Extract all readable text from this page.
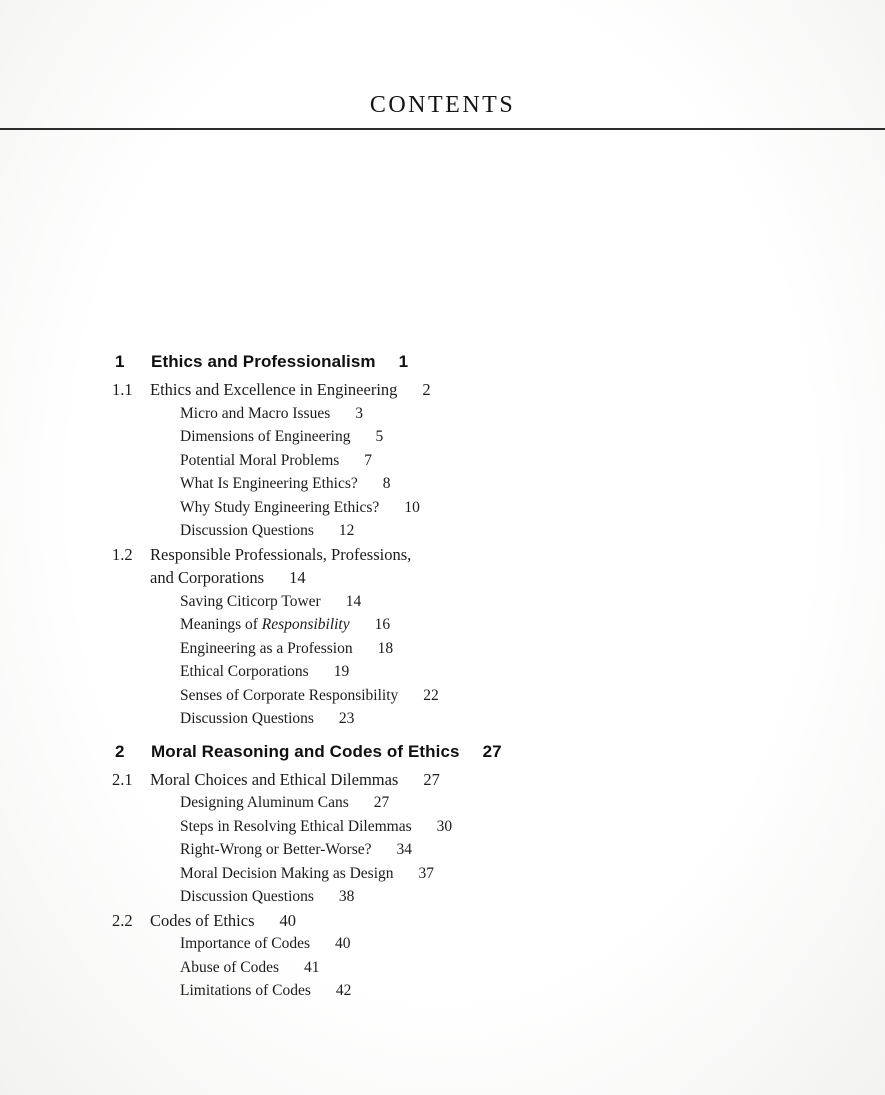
CONTENTS
1	Ethics and Professionalism 1
1.1	Ethics and Excellence in Engineering 2
Micro and Macro Issues 3
Dimensions of Engineering 5
Potential Moral Problems 7
What Is Engineering Ethics? 8
Why Study Engineering Ethics? 10
Discussion Questions 12
1.2	Responsible Professionals, Professions,
and Corporations 14
Saving Citicorp Tower 14
Meanings of Responsibility 16
Engineering as a Profession 18
Ethical Corporations 19
Senses of Corporate Responsibility 22
Discussion Questions 23
2	Moral Reasoning and Codes of Ethics 27
2.1	Moral Choices and Ethical Dilemmas 27
Designing Aluminum Cans 27
Steps in Resolving Ethical Dilemmas 30
Right-Wrong or Better-Worse? 34
Moral Decision Making as Design 37
Discussion Questions 38
2.2	Codes of Ethics 40
Importance of Codes 40
Abuse of Codes 41
Limitations of Codes 42
